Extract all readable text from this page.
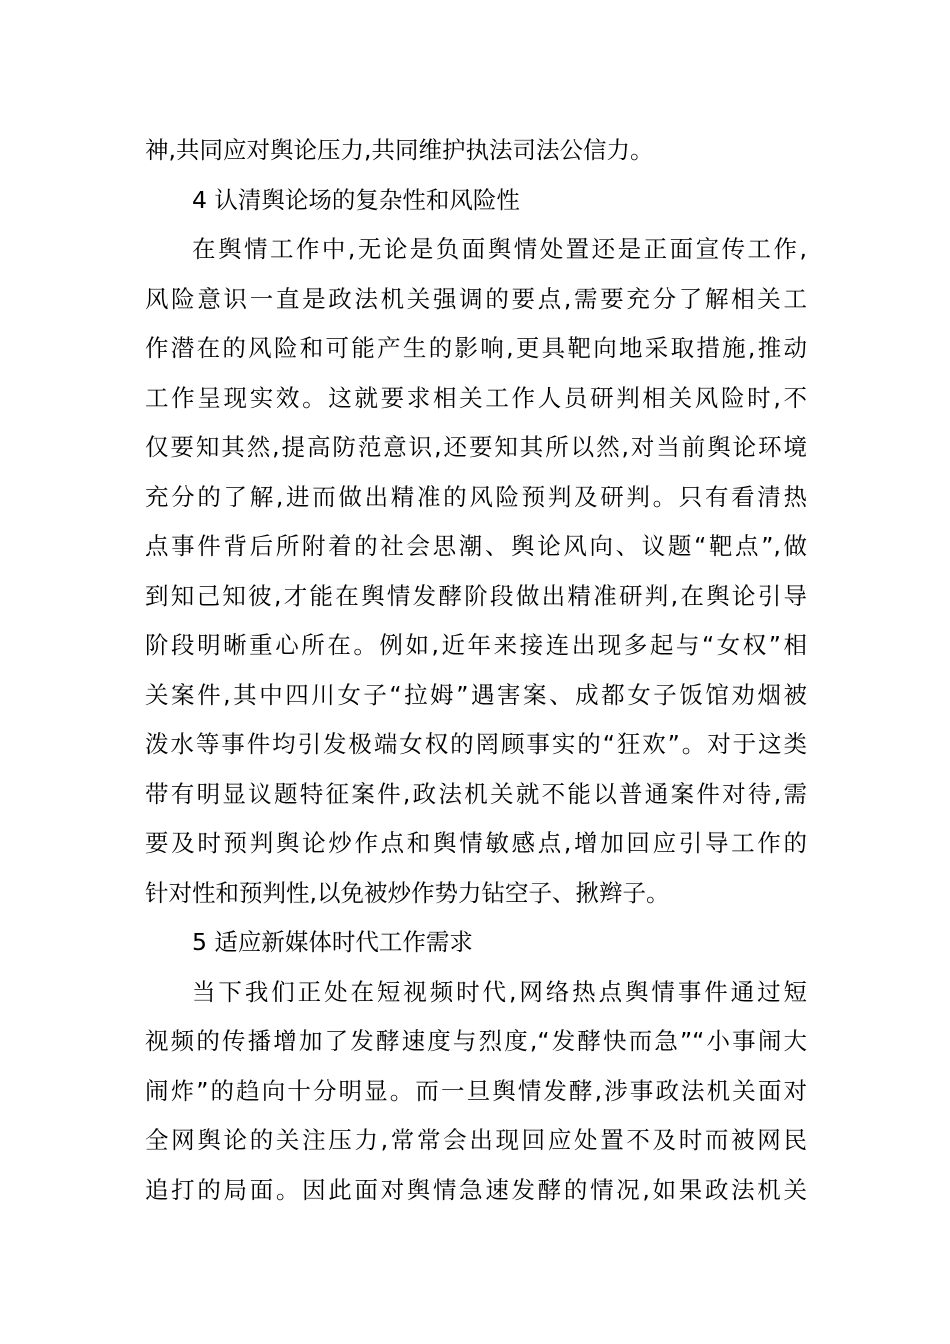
神,共同应对舆论压力,共同维护执法司法公信力。
4 认清舆论场的复杂性和风险性
在舆情工作中,无论是负面舆情处置还是正面宣传工作,
风险意识一直是政法机关强调的要点,需要充分了解相关工
作潜在的风险和可能产生的影响,更具靶向地采取措施,推动
工作呈现实效。这就要求相关工作人员研判相关风险时,不
仅要知其然,提高防范意识,还要知其所以然,对当前舆论环境
充分的了解,进而做出精准的风险预判及研判。只有看清热
点事件背后所附着的社会思潮、舆论风向、议题“靶点”,做
到知己知彼,才能在舆情发酵阶段做出精准研判,在舆论引导
阶段明晰重心所在。例如,近年来接连出现多起与“女权”相
关案件,其中四川女子“拉姆”遇害案、成都女子饭馆劝烟被
泼水等事件均引发极端女权的罔顾事实的“狂欢”。对于这类
带有明显议题特征案件,政法机关就不能以普通案件对待,需
要及时预判舆论炒作点和舆情敏感点,增加回应引导工作的
针对性和预判性,以免被炒作势力钻空子、揪辫子。
5 适应新媒体时代工作需求
当下我们正处在短视频时代,网络热点舆情事件通过短
视频的传播增加了发酵速度与烈度,“发酵快而急”“小事闹大
闹炸”的趋向十分明显。而一旦舆情发酵,涉事政法机关面对
全网舆论的关注压力,常常会出现回应处置不及时而被网民
追打的局面。因此面对舆情急速发酵的情况,如果政法机关
